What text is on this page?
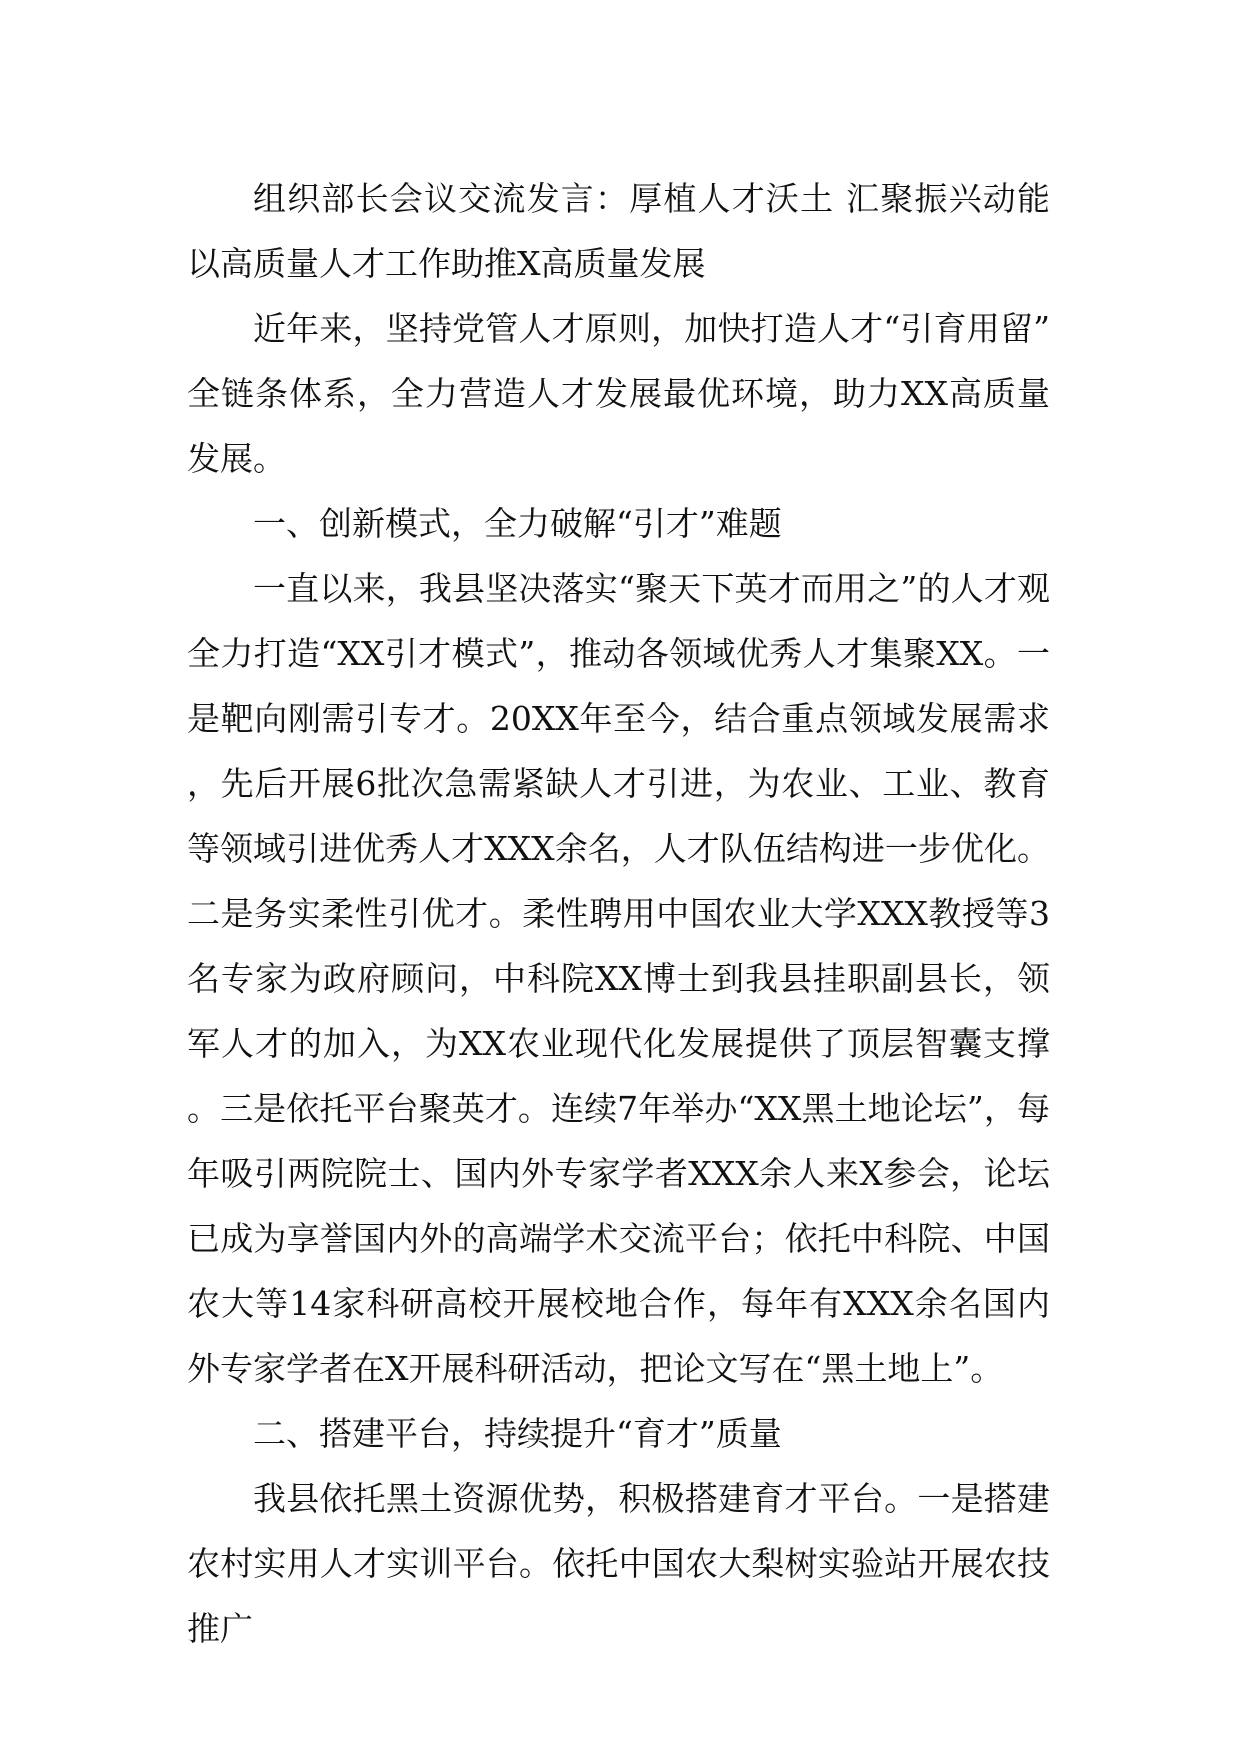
组织部长会议交流发言：厚植人才沃土 汇聚振兴动能 以高质量人才工作助推X高质量发展

近年来，坚持党管人才原则，加快打造人才“引育用留”全链条体系，全力营造人才发展最优环境，助力XX高质量发展。

一、创新模式，全力破解“引才”难题

一直以来，我县坚决落实“聚天下英才而用之”的人才观全力打造“XX引才模式”，推动各领域优秀人才集聚XX。一是靶向刚需引专才。20XX年至今，结合重点领域发展需求，先后开展6批次急需紧缺人才引进，为农业、工业、教育等领域引进优秀人才XXX余名，人才队伍结构进一步优化。二是务实柔性引优才。柔性聘用中国农业大学XXX教授等3名专家为政府顾问，中科院XX博士到我县挂职副县长，领军人才的加入，为XX农业现代化发展提供了顶层智囊支撑。三是依托平台聚英才。连续7年举办“XX黑土地论坛”，每年吸引两院院士、国内外专家学者XXX余人来X参会，论坛已成为享誉国内外的高端学术交流平台；依托中科院、中国农大等14家科研高校开展校地合作，每年有XXX余名国内外专家学者在X开展科研活动，把论文写在“黑土地上”。

二、搭建平台，持续提升“育才”质量

我县依托黑土资源优势，积极搭建育才平台。一是搭建农村实用人才实训平台。依托中国农大梨树实验站开展农技推广
